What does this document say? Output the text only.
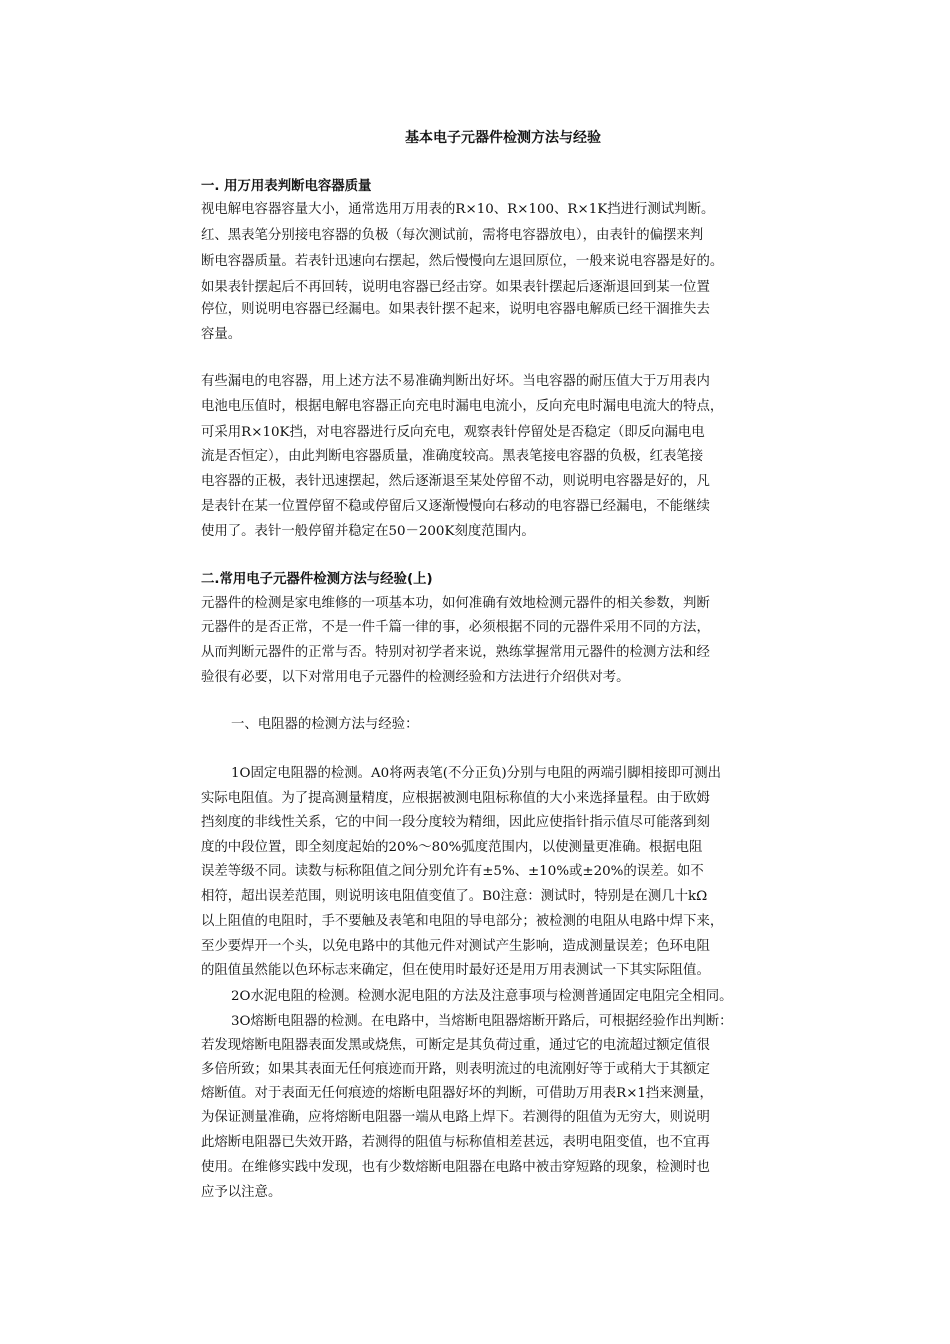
基本电子元器件检测方法与经验
一. 用万用表判断电容器质量
视电解电容器容量大小，通常选用万用表的R×10、R×100、R×1K挡进行测试判断。
红、黑表笔分别接电容器的负极（每次测试前，需将电容器放电），由表针的偏摆来判
断电容器质量。若表针迅速向右摆起，然后慢慢向左退回原位，一般来说电容器是好的。
如果表针摆起后不再回转，说明电容器已经击穿。如果表针摆起后逐渐退回到某一位置
停位，则说明电容器已经漏电。如果表针摆不起来，说明电容器电解质已经干涸推失去
容量。
有些漏电的电容器，用上述方法不易准确判断出好坏。当电容器的耐压值大于万用表内
电池电压值时，根据电解电容器正向充电时漏电电流小，反向充电时漏电电流大的特点，
可采用R×10K挡，对电容器进行反向充电，观察表针停留处是否稳定（即反向漏电电
流是否恒定），由此判断电容器质量，准确度较高。黑表笔接电容器的负极，红表笔接
电容器的正极，表针迅速摆起，然后逐渐退至某处停留不动，则说明电容器是好的，凡
是表针在某一位置停留不稳或停留后又逐渐慢慢向右移动的电容器已经漏电，不能继续
使用了。表针一般停留并稳定在50－200K刻度范围内。
二.常用电子元器件检测方法与经验(上)
元器件的检测是家电维修的一项基本功，如何准确有效地检测元器件的相关参数，判断
元器件的是否正常，不是一件千篇一律的事，必须根据不同的元器件采用不同的方法，
从而判断元器件的正常与否。特别对初学者来说，熟练掌握常用元器件的检测方法和经
验很有必要，以下对常用电子元器件的检测经验和方法进行介绍供对考。
一、电阻器的检测方法与经验：
1O固定电阻器的检测。A0将两表笔(不分正负)分别与电阻的两端引脚相接即可测出
实际电阻值。为了提高测量精度，应根据被测电阻标称值的大小来选择量程。由于欧姆
挡刻度的非线性关系，它的中间一段分度较为精细，因此应使指针指示值尽可能落到刻
度的中段位置，即全刻度起始的20%～80%弧度范围内，以使测量更准确。根据电阻
误差等级不同。读数与标称阻值之间分别允许有±5%、±10%或±20%的误差。如不
相符，超出误差范围，则说明该电阻值变值了。B0注意：测试时，特别是在测几十kΩ
以上阻值的电阻时，手不要触及表笔和电阻的导电部分；被检测的电阻从电路中焊下来，
至少要焊开一个头，以免电路中的其他元件对测试产生影响，造成测量误差；色环电阻
的阻值虽然能以色环标志来确定，但在使用时最好还是用万用表测试一下其实际阻值。
2O水泥电阻的检测。检测水泥电阻的方法及注意事项与检测普通固定电阻完全相同。
3O熔断电阻器的检测。在电路中，当熔断电阻器熔断开路后，可根据经验作出判断：
若发现熔断电阻器表面发黑或烧焦，可断定是其负荷过重，通过它的电流超过额定值很
多倍所致；如果其表面无任何痕迹而开路，则表明流过的电流刚好等于或稍大于其额定
熔断值。对于表面无任何痕迹的熔断电阻器好坏的判断，可借助万用表R×1挡来测量，
为保证测量准确，应将熔断电阻器一端从电路上焊下。若测得的阻值为无穷大，则说明
此熔断电阻器已失效开路，若测得的阻值与标称值相差甚远，表明电阻变值，也不宜再
使用。在维修实践中发现，也有少数熔断电阻器在电路中被击穿短路的现象，检测时也
应予以注意。
